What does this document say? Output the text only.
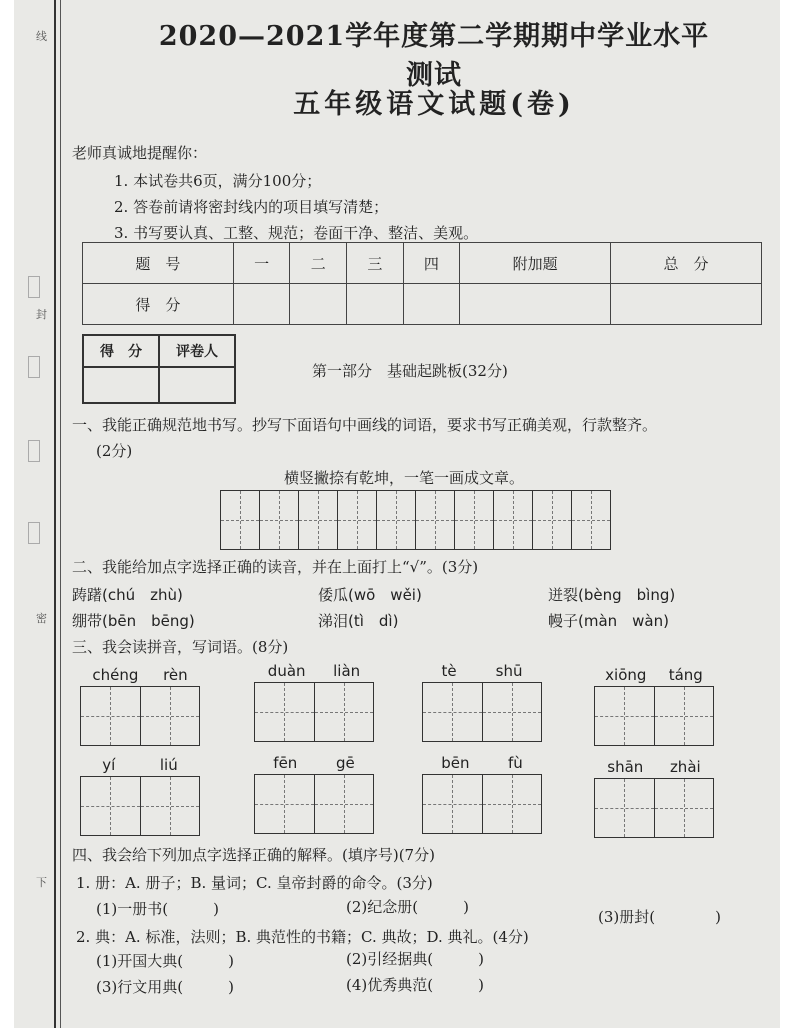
线
封
密
下
2020—2021学年度第二学期期中学业水平测试
五年级语文试题(卷)
老师真诚地提醒你：
1. 本试卷共6页，满分100分；
2. 答卷前请将密封线内的项目填写清楚；
3. 书写要认真、工整、规范；卷面干净、整洁、美观。
题　号	一	二	三	四	附加题	总　分
得　分						
得　分	评卷人

第一部分　基础起跳板(32分)
一、我能正确规范地书写。抄写下面语句中画线的词语，要求书写正确美观，行款整齐。
(2分)
横竖撇捺有乾坤，一笔一画成文章。
二、我能给加点字选择正确的读音，并在上面打上“√”。(3分)
踌躇(chú　zhù)	倭瓜(wō　wěi)	迸裂(bèng　bìng)
绷带(bēn　bēng)	涕泪(tì　dì)	幔子(màn　wàn)
三、我会读拼音，写词语。(8分)
chéng rèn	duàn liàn	tè	shū	xiōng táng
yí	liú	fēn	gē	bēn	fù	shān zhài
四、我会给下列加点字选择正确的解释。(填序号)(7分)
1. 册：A. 册子；B. 量词；C. 皇帝封爵的命令。(3分)
(1)一册书(　　　)	(2)纪念册(　　　)
(3)册封(　　　　)
2. 典：A. 标准，法则；B. 典范性的书籍；C. 典故；D. 典礼。(4分)
(1)开国大典(　　　)	(2)引经据典(　　　)
(3)行文用典(　　　)	(4)优秀典范(　　　)
